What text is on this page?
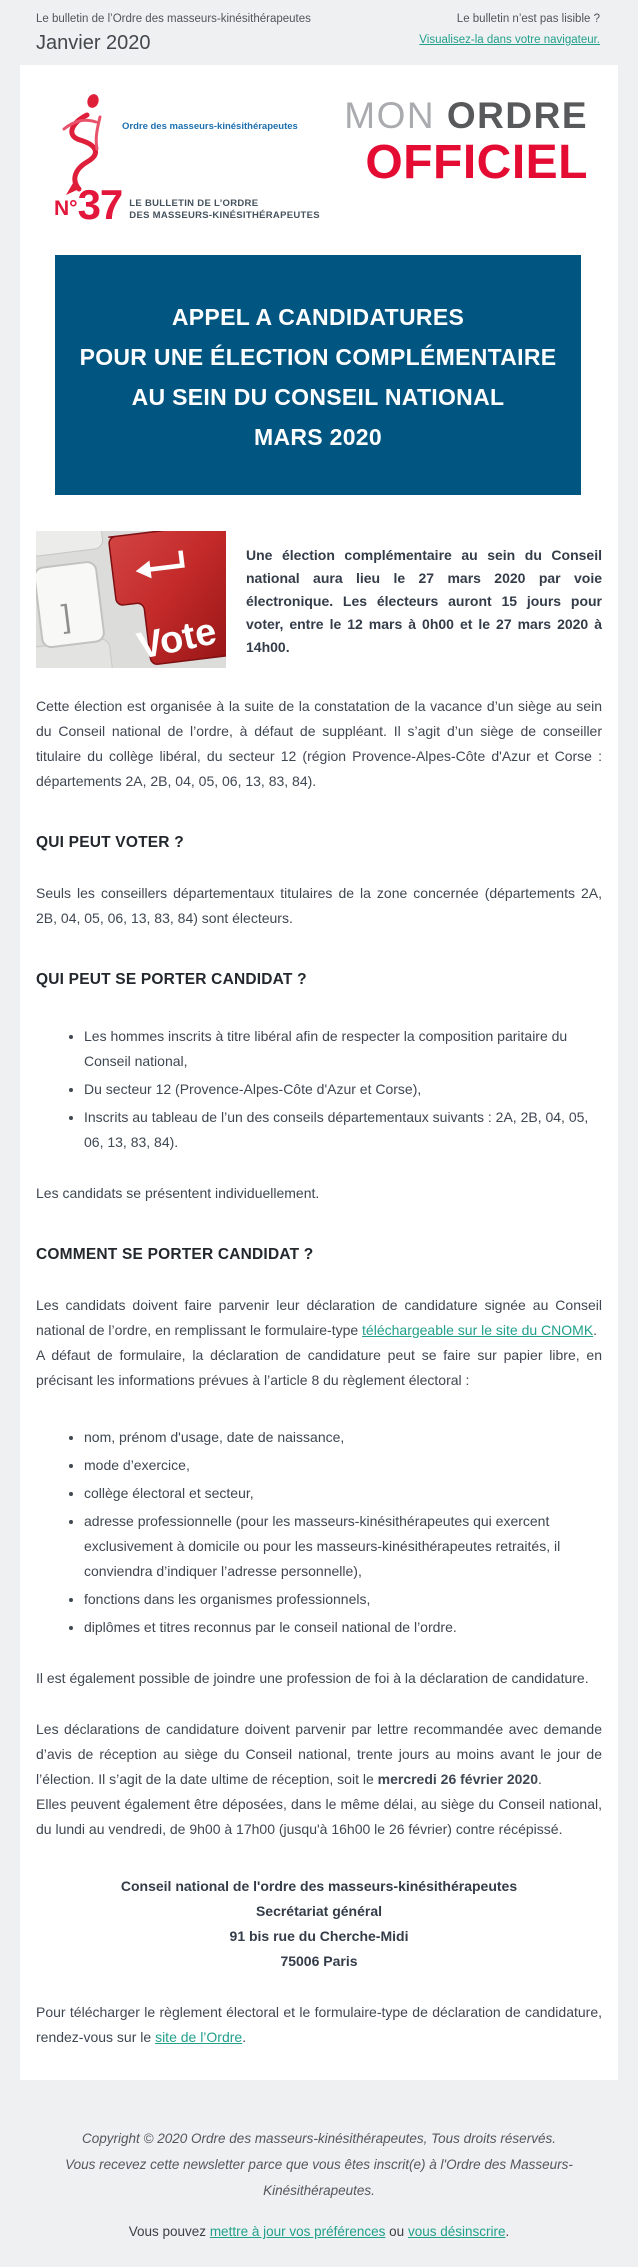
Le bulletin de l’Ordre des masseurs-kinésithérapeutes
Janvier 2020
Le bulletin n’est pas lisible ?
Visualisez-la dans votre navigateur.
Ordre des masseurs-kinésithérapeutes
N° 37 LE BULLETIN DE L’ORDRE
DES MASSEURS-KINÉSITHÉRAPEUTES
MON ORDRE
OFFICIEL
APPEL A CANDIDATURES
POUR UNE ÉLECTION COMPLÉMENTAIRE
AU SEIN DU CONSEIL NATIONAL
MARS 2020
] Vote
Une élection complémentaire au sein du Conseil national aura lieu le 27 mars 2020 par voie électronique. Les électeurs auront 15 jours pour voter, entre le 12 mars à 0h00 et le 27 mars 2020 à 14h00.

Cette élection est organisée à la suite de la constatation de la vacance d’un siège au sein du Conseil national de l’ordre, à défaut de suppléant. Il s’agit d’un siège de conseiller titulaire du collège libéral, du secteur 12 (région Provence-Alpes-Côte d'Azur et Corse : départements 2A, 2B, 04, 05, 06, 13, 83, 84).

QUI PEUT VOTER ?

Seuls les conseillers départementaux titulaires de la zone concernée (départements 2A, 2B, 04, 05, 06, 13, 83, 84) sont électeurs.

QUI PEUT SE PORTER CANDIDAT ?
• Les hommes inscrits à titre libéral afin de respecter la composition paritaire du Conseil national,
• Du secteur 12 (Provence-Alpes-Côte d'Azur et Corse),
• Inscrits au tableau de l’un des conseils départementaux suivants : 2A, 2B, 04, 05, 06, 13, 83, 84).

Les candidats se présentent individuellement.

COMMENT SE PORTER CANDIDAT ?

Les candidats doivent faire parvenir leur déclaration de candidature signée au Conseil national de l’ordre, en remplissant le formulaire-type téléchargeable sur le site du CNOMK.
A défaut de formulaire, la déclaration de candidature peut se faire sur papier libre, en précisant les informations prévues à l’article 8 du règlement électoral :

• nom, prénom d'usage, date de naissance,
• mode d’exercice,
• collège électoral et secteur,
• adresse professionnelle (pour les masseurs-kinésithérapeutes qui exercent exclusivement à domicile ou pour les masseurs-kinésithérapeutes retraités, il conviendra d’indiquer l’adresse personnelle),
• fonctions dans les organismes professionnels,
• diplômes et titres reconnus par le conseil national de l’ordre.

Il est également possible de joindre une profession de foi à la déclaration de candidature.

Les déclarations de candidature doivent parvenir par lettre recommandée avec demande d’avis de réception au siège du Conseil national, trente jours au moins avant le jour de l’élection. Il s’agit de la date ultime de réception, soit le mercredi 26 février 2020.
Elles peuvent également être déposées, dans le même délai, au siège du Conseil national, du lundi au vendredi, de 9h00 à 17h00 (jusqu'à 16h00 le 26 février) contre récépissé.

Conseil national de l'ordre des masseurs-kinésithérapeutes
Secrétariat général
91 bis rue du Cherche-Midi
75006 Paris

Pour télécharger le règlement électoral et le formulaire-type de déclaration de candidature, rendez-vous sur le site de l’Ordre.

Copyright © 2020 Ordre des masseurs-kinésithérapeutes, Tous droits réservés.
Vous recevez cette newsletter parce que vous êtes inscrit(e) à l'Ordre des Masseurs-Kinésithérapeutes.
Vous pouvez mettre à jour vos préférences ou vous désinscrire.
